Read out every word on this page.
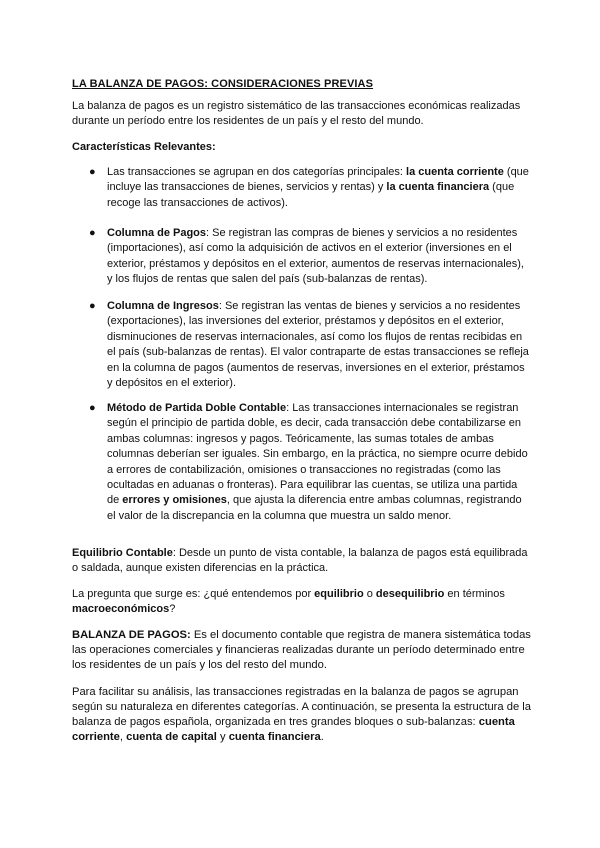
LA BALANZA DE PAGOS: CONSIDERACIONES PREVIAS

La balanza de pagos es un registro sistemático de las transacciones económicas realizadas durante un período entre los residentes de un país y el resto del mundo.

Características Relevantes:

● Las transacciones se agrupan en dos categorías principales: la cuenta corriente (que incluye las transacciones de bienes, servicios y rentas) y la cuenta financiera (que recoge las transacciones de activos).
● Columna de Pagos: Se registran las compras de bienes y servicios a no residentes (importaciones), así como la adquisición de activos en el exterior (inversiones en el exterior, préstamos y depósitos en el exterior, aumentos de reservas internacionales), y los flujos de rentas que salen del país (sub-balanzas de rentas).
● Columna de Ingresos: Se registran las ventas de bienes y servicios a no residentes (exportaciones), las inversiones del exterior, préstamos y depósitos en el exterior, disminuciones de reservas internacionales, así como los flujos de rentas recibidas en el país (sub-balanzas de rentas). El valor contraparte de estas transacciones se refleja en la columna de pagos (aumentos de reservas, inversiones en el exterior, préstamos y depósitos en el exterior).
● Método de Partida Doble Contable: Las transacciones internacionales se registran según el principio de partida doble, es decir, cada transacción debe contabilizarse en ambas columnas: ingresos y pagos. Teóricamente, las sumas totales de ambas columnas deberían ser iguales. Sin embargo, en la práctica, no siempre ocurre debido a errores de contabilización, omisiones o transacciones no registradas (como las ocultadas en aduanas o fronteras). Para equilibrar las cuentas, se utiliza una partida de errores y omisiones, que ajusta la diferencia entre ambas columnas, registrando el valor de la discrepancia en la columna que muestra un saldo menor.

Equilibrio Contable: Desde un punto de vista contable, la balanza de pagos está equilibrada o saldada, aunque existen diferencias en la práctica.

La pregunta que surge es: ¿qué entendemos por equilibrio o desequilibrio en términos macroeconómicos?

BALANZA DE PAGOS: Es el documento contable que registra de manera sistemática todas las operaciones comerciales y financieras realizadas durante un período determinado entre los residentes de un país y los del resto del mundo.

Para facilitar su análisis, las transacciones registradas en la balanza de pagos se agrupan según su naturaleza en diferentes categorías. A continuación, se presenta la estructura de la balanza de pagos española, organizada en tres grandes bloques o sub-balanzas: cuenta corriente, cuenta de capital y cuenta financiera.
